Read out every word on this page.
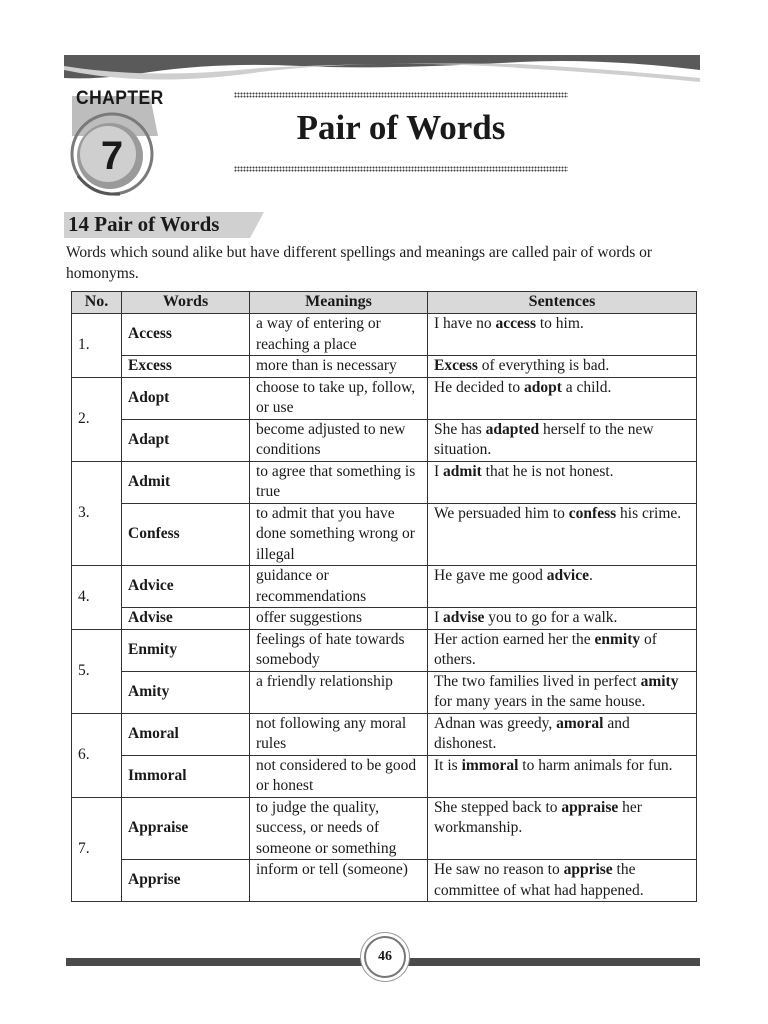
CHAPTER
7
Pair of Words
14 Pair of Words
Words which sound alike but have different spellings and meanings are called pair of words or homonyms.
No.	Words	Meanings	Sentences
1.	Access	a way of entering or reaching a place	I have no access to him.
	Excess	more than is necessary	Excess of everything is bad.
2.	Adopt	choose to take up, follow, or use	He decided to adopt a child.
	Adapt	become adjusted to new conditions	She has adapted herself to the new situation.
3.	Admit	to agree that something is true	I admit that he is not honest.
	Confess	to admit that you have done something wrong or illegal	We persuaded him to confess his crime.
4.	Advice	guidance or recommendations	He gave me good advice.
	Advise	offer suggestions	I advise you to go for a walk.
5.	Enmity	feelings of hate towards somebody	Her action earned her the enmity of others.
	Amity	a friendly relationship	The two families lived in perfect amity for many years in the same house.
6.	Amoral	not following any moral rules	Adnan was greedy, amoral and dishonest.
	Immoral	not considered to be good or honest	It is immoral to harm animals for fun.
7.	Appraise	to judge the quality, success, or needs of someone or something	She stepped back to appraise her workmanship.
	Apprise	inform or tell (someone)	He saw no reason to apprise the committee of what had happened.
46
